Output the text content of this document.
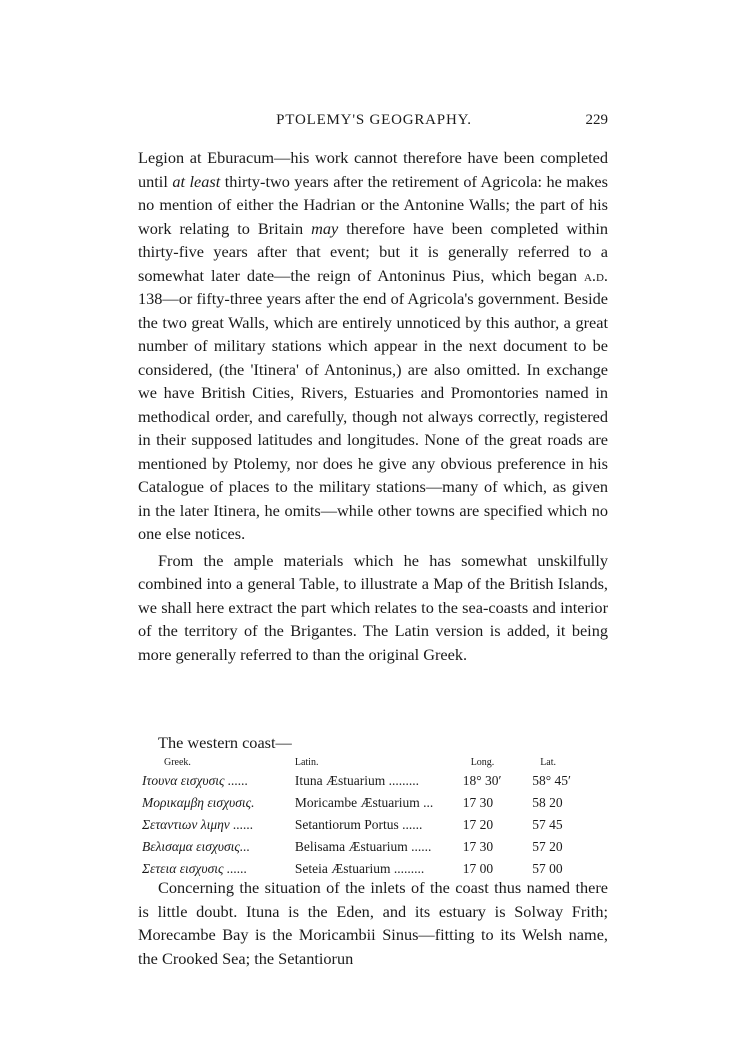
PTOLEMY'S GEOGRAPHY.	229

Legion at Eburacum—his work cannot therefore have been completed until at least thirty-two years after the retirement of Agricola: he makes no mention of either the Hadrian or the Antonine Walls; the part of his work relating to Britain may therefore have been completed within thirty-five years after that event; but it is generally referred to a somewhat later date—the reign of Antoninus Pius, which began a.d. 138—or fifty-three years after the end of Agricola's government. Beside the two great Walls, which are entirely unnoticed by this author, a great number of military stations which appear in the next document to be considered, (the 'Itinera' of Antoninus,) are also omitted. In exchange we have British Cities, Rivers, Estuaries and Promontories named in methodical order, and carefully, though not always correctly, registered in their supposed latitudes and longitudes. None of the great roads are mentioned by Ptolemy, nor does he give any obvious preference in his Catalogue of places to the military stations—many of which, as given in the later Itinera, he omits—while other towns are specified which no one else notices.

From the ample materials which he has somewhat unskilfully combined into a general Table, to illustrate a Map of the British Islands, we shall here extract the part which relates to the sea-coasts and interior of the territory of the Brigantes. The Latin version is added, it being more generally referred to than the original Greek.

The western coast—
Greek.	Latin.	Long.	Lat.
Ιτουνα εισχυσις ......	Ituna Æstuarium .........	18° 30′	58° 45′
Μορικαμβη εισχυσις.	Moricambe Æstuarium ...	17 30	58 20
Σεταντιων λιμην ......	Setantiorum Portus ......	17 20	57 45
Βελισαμα εισχυσις...	Belisama Æstuarium ......	17 30	57 20
Σετεια εισχυσις ......	Seteia Æstuarium .........	17 00	57 00

Concerning the situation of the inlets of the coast thus named there is little doubt. Ituna is the Eden, and its estuary is Solway Frith; Morecambe Bay is the Moricambii Sinus—fitting to its Welsh name, the Crooked Sea; the Setantiorun
